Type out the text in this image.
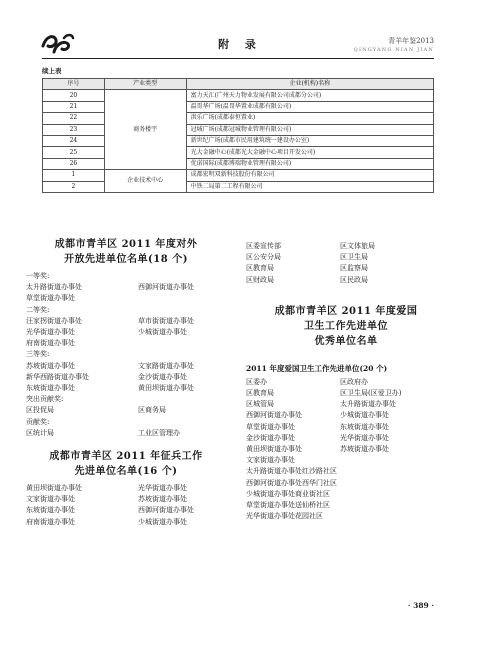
附 录	青羊年鉴2013
QINGYANG NIAN JIAN
续上表
序号	产业类型	企业(机构)名称
20	商务楼宇	富力天汇(广州天力物业发展有限公司成都分公司)
21		温哥华广场(温哥华置业成都有限公司)
22		洪乐广场(成都泰恒置业)
23		冠城广场(成都冠城物业管理有限公司)
24		新世纪广场(成都市民用建筑统一建设办公室)
25		光大金融中心(成都光大金融中心项目开发公司)
26		优诺国际(成都博瑞物业管理有限公司)
1	企业技术中心	成都宏明双新科技股份有限公司
2		中铁二局第二工程有限公司
成都市青羊区 2011 年度对外
开放先进单位名单(18 个)
一等奖:
太升路街道办事处	西御河街道办事处
草堂街道办事处
二等奖:
汪家拐街道办事处	草市街街道办事处
光华街道办事处	少城街道办事处
府南街道办事处
三等奖:
苏坡街道办事处	文家路街道办事处
新华西路街道办事处	金沙街道办事处
东坡街道办事处	黄田坝街道办事处
突出贡献奖:
区投促局	区商务局
贡献奖:
区统计局	工业区管理办
成都市青羊区 2011 年征兵工作
先进单位名单(16 个)
黄田坝街道办事处	光华街道办事处
文家街道办事处	苏坡街道办事处
东坡街道办事处	西御河街道办事处
府南街道办事处	少城街道办事处
区委宣传部	区文体旅局
区公安分局	区卫生局
区教育局	区监察局
区财政局	区民政局
成都市青羊区 2011 年度爱国
卫生工作先进单位
优秀单位名单
2011 年度爱国卫生工作先进单位(20 个)
区委办	区政府办
区教育局	区卫生局(区爱卫办)
区城管局	太升路街道办事处
西御河街道办事处	少城街道办事处
草堂街道办事处	东坡街道办事处
金沙街道办事处	光华街道办事处
黄田坝街道办事处	苏坡街道办事处
文家街道办事处
太升路街道办事处红沙路社区
西御河街道办事处西华门社区
少城街道办事处商业街社区
草堂街道办事处送仙桥社区
光华街道办事处花园社区
· 389 ·
